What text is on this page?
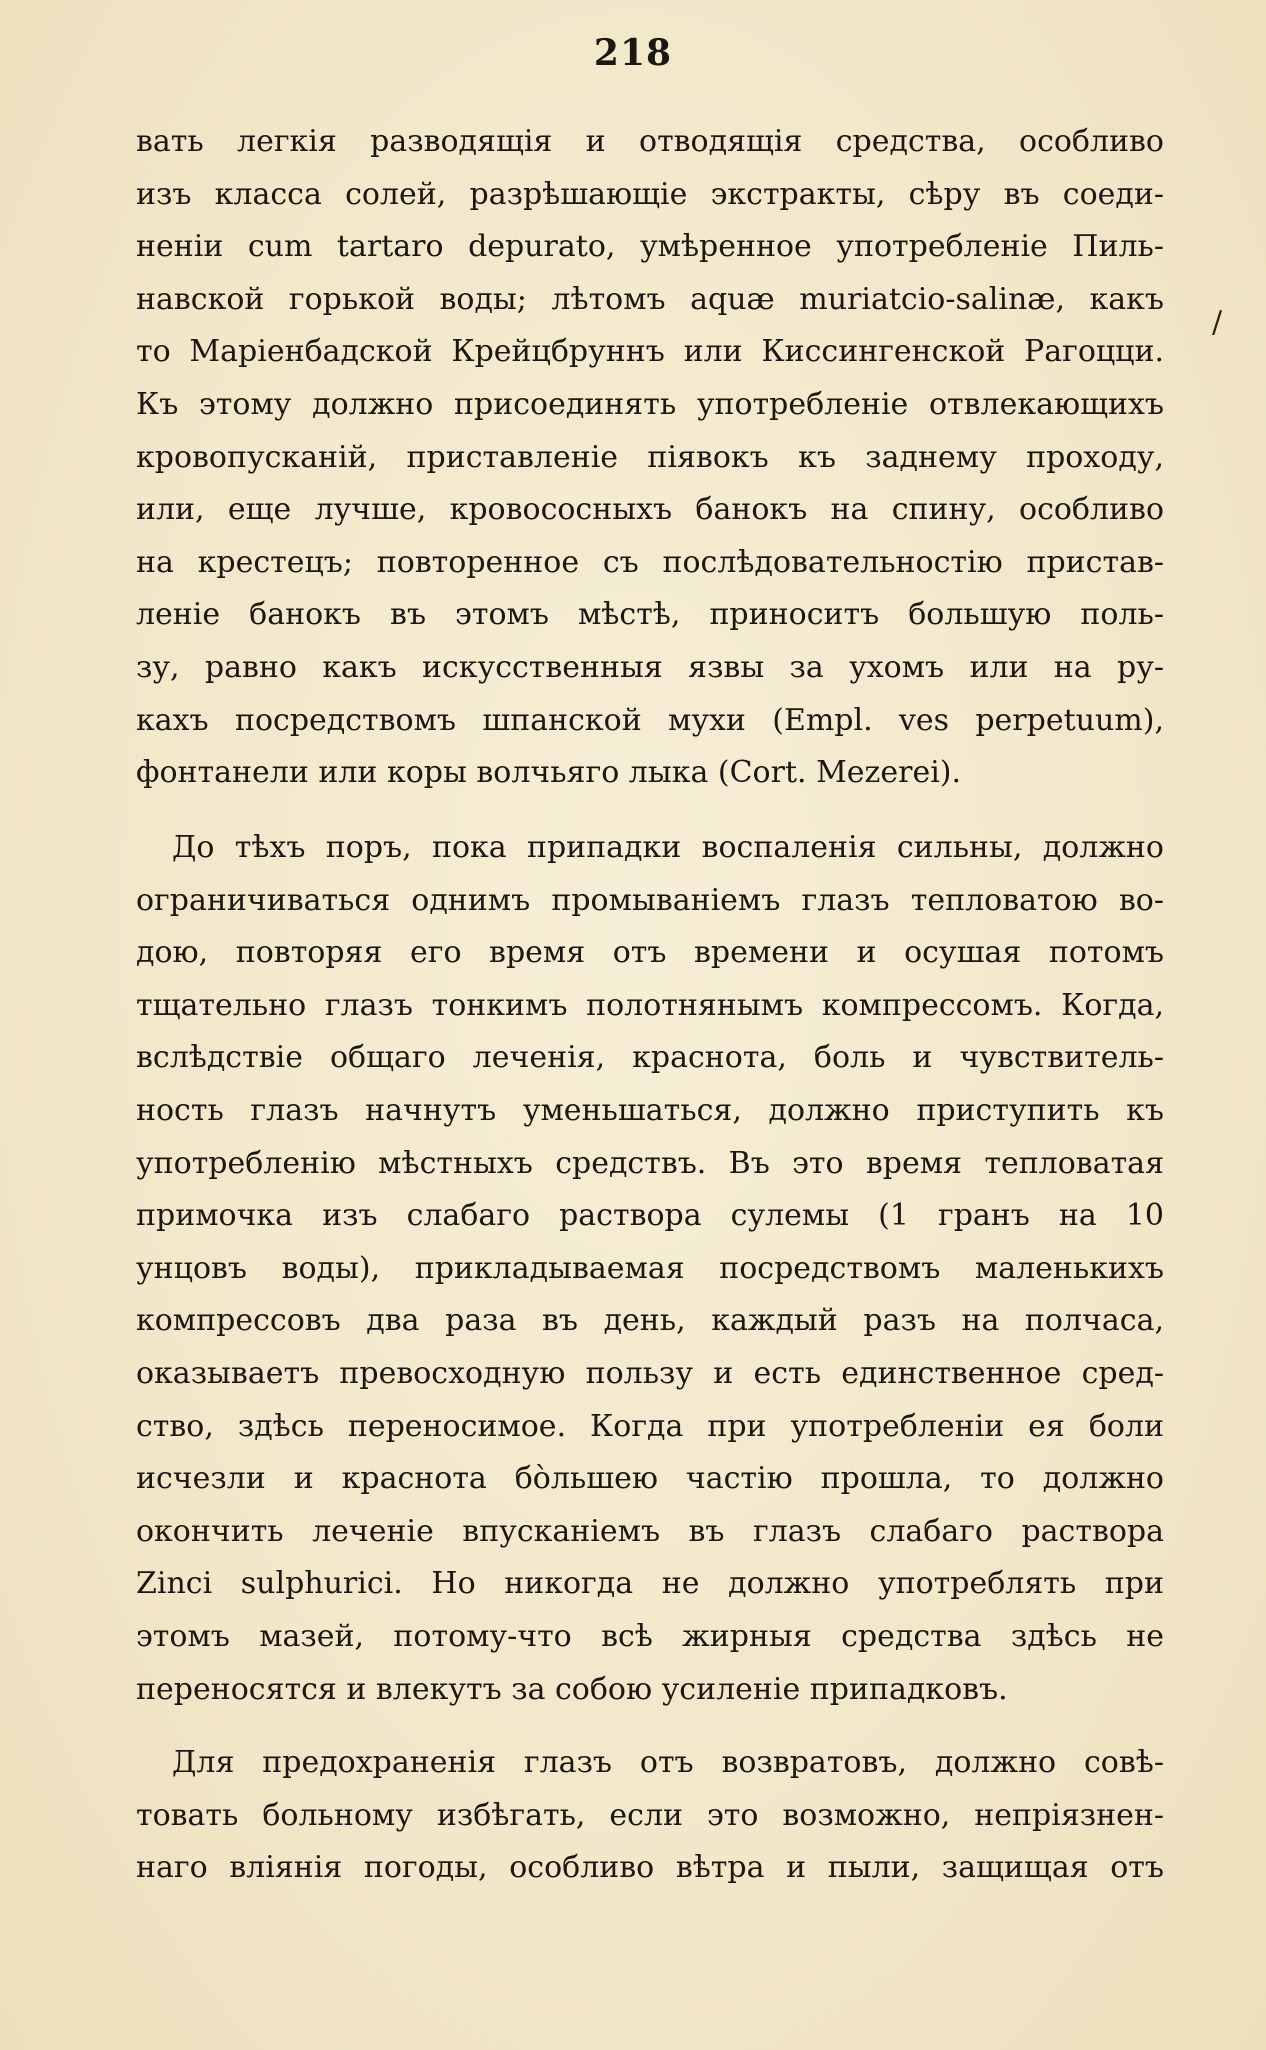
218
/
вать легкія разводящія и отводящія средства, особливо
изъ класса солей, разрѣшающіе экстракты, сѣру въ соеди-
неніи cum tartaro depurato, умѣренное употребленіе Пиль-
навской горькой воды; лѣтомъ aquæ muriatcio-salinæ, какъ
то Маріенбадской Крейцбруннъ или Киссингенской Рагоцци.
Къ этому должно присоединять употребленіе отвлекающихъ
кровопусканій, приставленіе піявокъ къ заднему проходу,
или, еще лучше, кровососныхъ банокъ на спину, особливо
на крестецъ; повторенное съ послѣдовательностію пристав-
леніе банокъ въ этомъ мѣстѣ, приноситъ большую поль-
зу, равно какъ искусственныя язвы за ухомъ или на ру-
кахъ посредствомъ шпанской мухи (Empl. ves perpetuum),
фонтанели или коры волчьяго лыка (Cort. Mezerei).
До тѣхъ поръ, пока припадки воспаленія сильны, должно
ограничиваться однимъ промываніемъ глазъ тепловатою во-
дою, повторяя его время отъ времени и осушая потомъ
тщательно глазъ тонкимъ полотнянымъ компрессомъ. Когда,
вслѣдствіе общаго леченія, краснота, боль и чувствитель-
ность глазъ начнутъ уменьшаться, должно приступить къ
употребленію мѣстныхъ средствъ. Въ это время тепловатая
примочка изъ слабаго раствора сулемы (1 гранъ на 10
унцовъ воды), прикладываемая посредствомъ маленькихъ
компрессовъ два раза въ день, каждый разъ на полчаса,
оказываетъ превосходную пользу и есть единственное сред-
ство, здѣсь переносимое. Когда при употребленіи ея боли
исчезли и краснота бо̀льшею частію прошла, то должно
окончить леченіе впусканіемъ въ глазъ слабаго раствора
Zinci sulphurici. Но никогда не должно употреблять при
этомъ мазей, потому-что всѣ жирныя средства здѣсь не
переносятся и влекутъ за собою усиленіе припадковъ.
Для предохраненія глазъ отъ возвратовъ, должно совѣ-
товать больному избѣгать, если это возможно, непріязнен-
наго вліянія погоды, особливо вѣтра и пыли, защищая отъ
